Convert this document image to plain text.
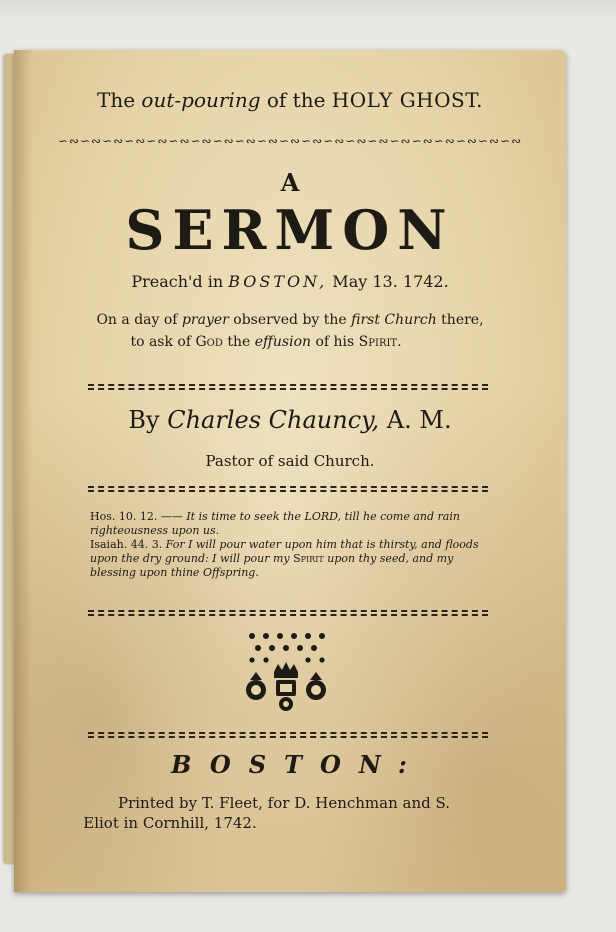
The out-pouring of the HOLY GHOST.
∽∾∽∾∽∾∽∾∽∾∽∾∽∾∽∾∽∾∽∾∽∾∽∾∽∾∽∾∽∾∽∾∽∾∽∾∽∾∽∾∽∾
A
SERMON
Preach'd in BOSTON, May 13. 1742.
On a day of prayer observed by the first Church there,
to ask of God the effusion of his Spirit.
By Charles Chauncy, A. M.
Pastor of said Church.
Hos. 10. 12. —— It is time to seek the LORD, till he come and rain righteousness upon us.
Isaiah. 44. 3. For I will pour water upon him that is thirsty, and floods upon the dry ground: I will pour my Spirit upon thy seed, and my blessing upon thine Offspring.
BOSTON:
Printed by T. Fleet, for D. Henchman and S.
Eliot in Cornhill, 1742.
